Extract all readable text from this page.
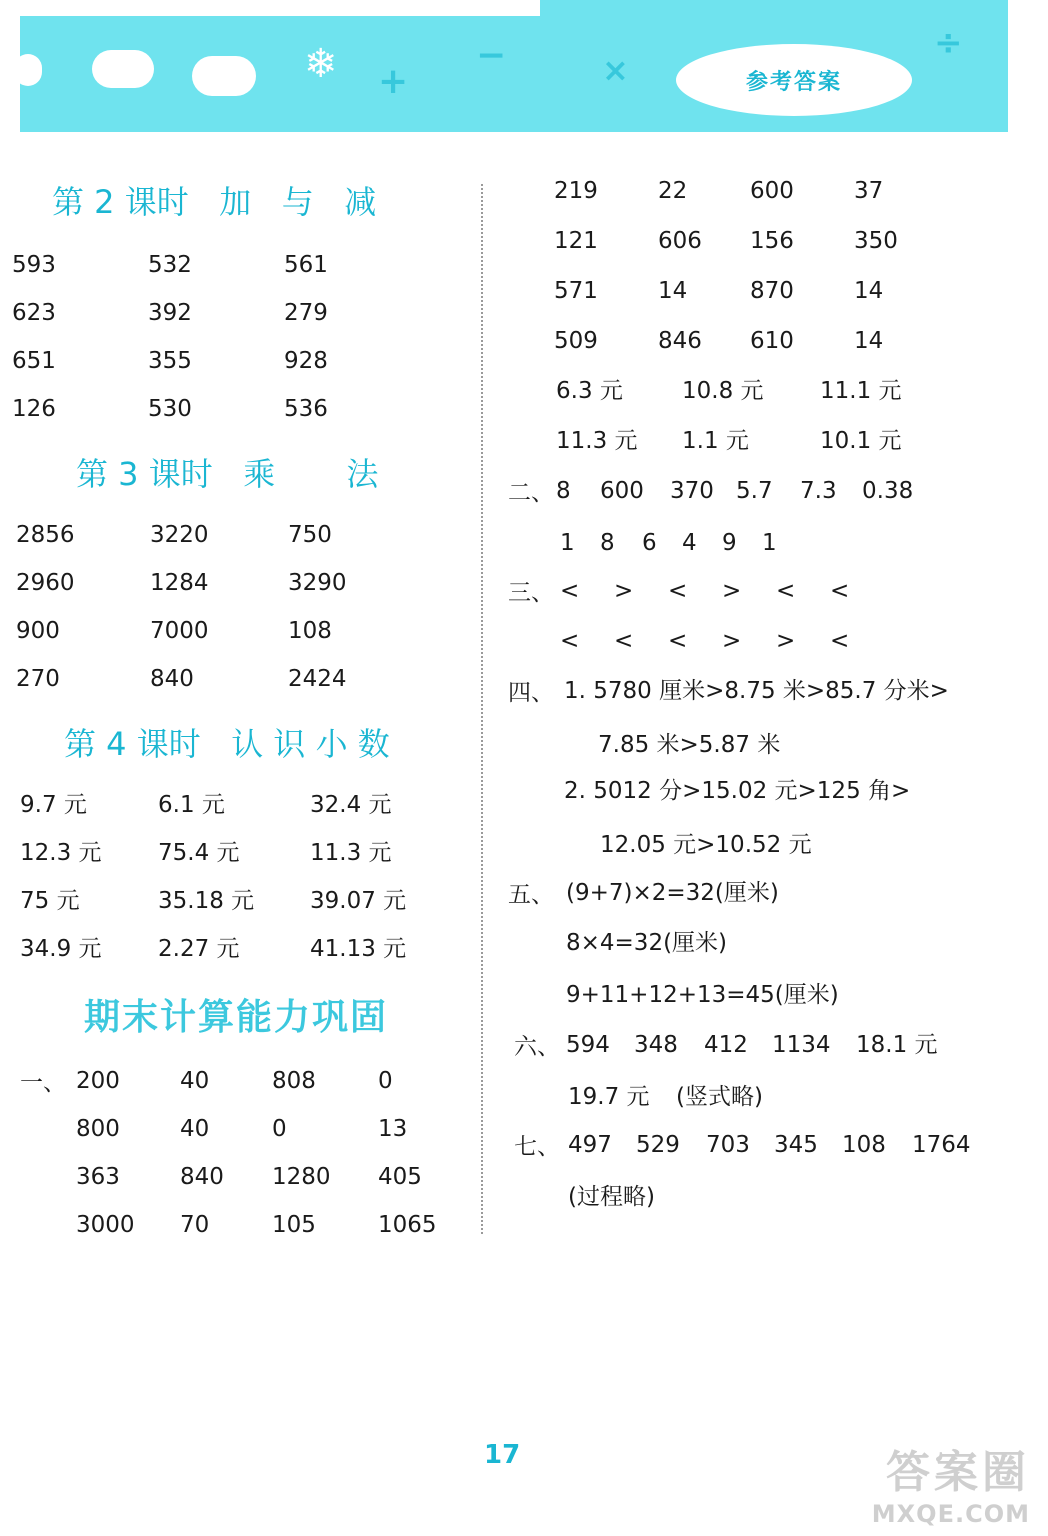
❄ +
−	×
÷
参考答案
第 2 课时   加   与   减
593	532	561
623	392	279
651	355	928
126	530	536
第 3 课时   乘       法
2856	3220	750
2960	1284	3290
900	7000	108
270	840	2424
第 4 课时   认 识 小 数
9.7 元	6.1 元	32.4 元
12.3 元 75.4 元	11.3 元
75 元	35.18 元 39.07 元
34.9 元 2.27 元	41.13 元
期末计算能力巩固
一、 200	40	808	0
800	40	0	13
363	840 1280 405
3000 70	105	1065
219	22	600	37
121	606 156	350
571	14	870	14
509	846 610	14
6.3 元	10.8 元 11.1 元
11.3 元 1.1 元	10.1 元
二、 8 600 370 5.7 7.3 0.38
1 8 6 4 9 1
三、 < > < > < <
< < < > > <
四、 1. 5780 厘米>8.75 米>85.7 分米>
7.85 米>5.87 米
2. 5012 分>15.02 元>125 角>
12.05 元>10.52 元
五、 (9+7)×2=32(厘米)
8×4=32(厘米)
9+11+12+13=45(厘米)
六、 594 348 412 1134 18.1 元
19.7 元 (竖式略)
七、 497 529 703 345 108 1764
(过程略)
17	答案圈
MXQE.COM
